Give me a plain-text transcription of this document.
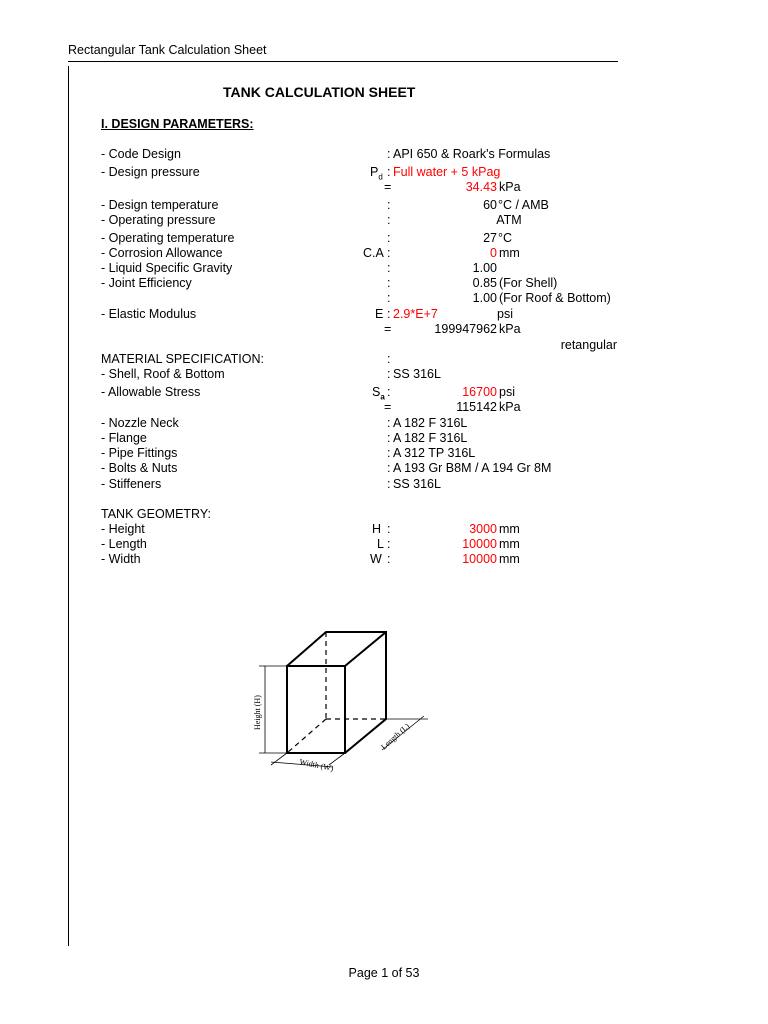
Rectangular Tank Calculation Sheet
TANK CALCULATION SHEET
I. DESIGN PARAMETERS:
- Code Design	: API 650 & Roark's Formulas
- Design pressure	$P_d$ : Full water + 5 kPag
=	34.43 kPa
- Design temperature	:	60 °C / AMB
- Operating pressure	:	ATM
- Operating temperature	:	27 °C
- Corrosion Allowance	C.A :	0 mm
- Liquid Specific Gravity	:	1.00
- Joint Efficiency	:	0.85 (For Shell)
:	1.00 (For Roof & Bottom)
- Elastic Modulus	E : 2.9*E+7	psi
=	199947962 kPa
retangular
MATERIAL SPECIFICATION:	:
- Shell, Roof & Bottom	: SS 316L
- Allowable Stress	$S_a$ :	16700 psi
=	115142 kPa
- Nozzle Neck	: A 182 F 316L
- Flange	: A 182 F 316L
- Pipe Fittings	: A 312 TP 316L
- Bolts & Nuts	: A 193 Gr B8M / A 194 Gr 8M
- Stiffeners	: SS 316L
TANK GEOMETRY:
- Height	H :	3000 mm
- Length	L :	10000 mm
- Width	W :	10000 mm
Height (H)
Width (W)
Length (L)
Page 1 of 53
